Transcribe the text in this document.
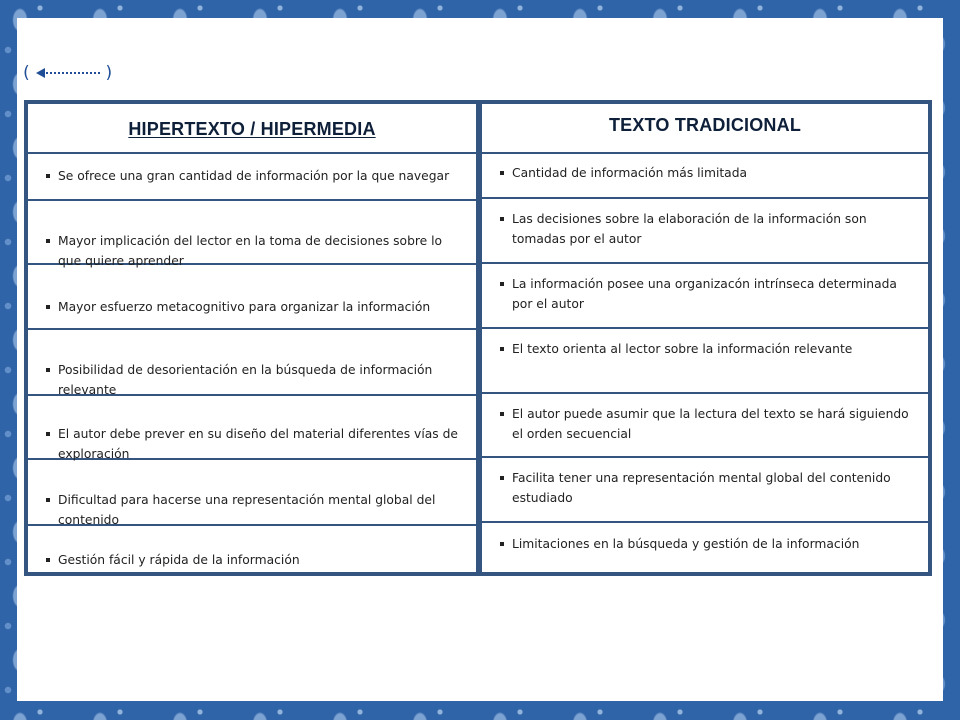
(	)
HIPERTEXTO / HIPERMEDIA
Se ofrece una gran cantidad de información por la que navegar
Mayor implicación del lector en la toma de decisiones sobre lo que quiere aprender
Mayor esfuerzo metacognitivo para organizar la información
Posibilidad de desorientación en la búsqueda de información relevante
El autor debe prever en su diseño del material diferentes vías de exploración
Dificultad para hacerse una representación mental global del contenido
Gestión fácil y rápida de la información
TEXTO TRADICIONAL
Cantidad de información más limitada
Las decisiones sobre la elaboración de la información son tomadas por el autor
La información posee una organizacón intrínseca determinada por el autor
El texto orienta al lector sobre la información relevante
El autor puede asumir que la lectura del texto se hará siguiendo el orden secuencial
Facilita tener una representación mental global del contenido estudiado
Limitaciones en la búsqueda y gestión de la información
